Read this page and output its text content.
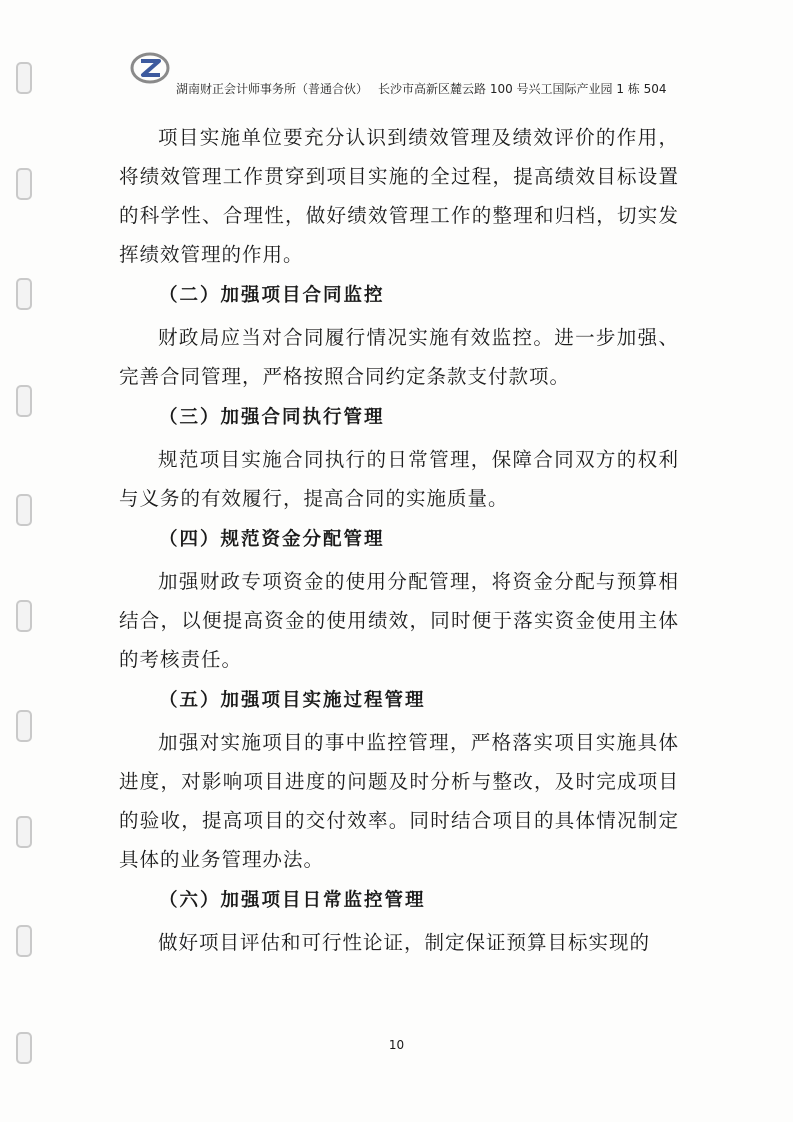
湖南财正会计师事务所（普通合伙） 长沙市高新区麓云路 100 号兴工国际产业园 1 栋 504

项目实施单位要充分认识到绩效管理及绩效评价的作用，将绩效管理工作贯穿到项目实施的全过程，提高绩效目标设置的科学性、合理性，做好绩效管理工作的整理和归档，切实发挥绩效管理的作用。

（二）加强项目合同监控

财政局应当对合同履行情况实施有效监控。进一步加强、完善合同管理，严格按照合同约定条款支付款项。

（三）加强合同执行管理

规范项目实施合同执行的日常管理，保障合同双方的权利与义务的有效履行，提高合同的实施质量。

（四）规范资金分配管理

加强财政专项资金的使用分配管理，将资金分配与预算相结合，以便提高资金的使用绩效，同时便于落实资金使用主体的考核责任。

（五）加强项目实施过程管理

加强对实施项目的事中监控管理，严格落实项目实施具体进度，对影响项目进度的问题及时分析与整改，及时完成项目的验收，提高项目的交付效率。同时结合项目的具体情况制定具体的业务管理办法。

（六）加强项目日常监控管理

做好项目评估和可行性论证，制定保证预算目标实现的

10
